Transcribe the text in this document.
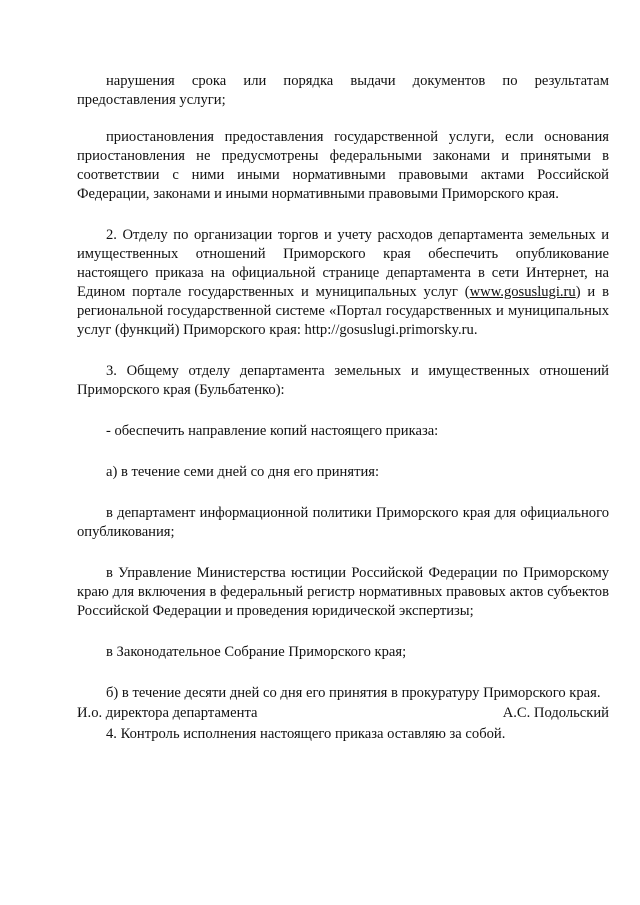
нарушения срока или порядка выдачи документов по результатам предоставления услуги;

приостановления предоставления государственной услуги, если основания приостановления не предусмотрены федеральными законами и принятыми в соответствии с ними иными нормативными правовыми актами Российской Федерации, законами и иными нормативными правовыми Приморского края.

2. Отделу по организации торгов и учету расходов департамента земельных и имущественных отношений Приморского края обеспечить опубликование настоящего приказа на официальной странице департамента в сети Интернет, на Едином портале государственных и муниципальных услуг (www.gosuslugi.ru) и в региональной государственной системе «Портал государственных и муниципальных услуг (функций) Приморского края: http://gosuslugi.primorsky.ru.

3. Общему отделу департамента земельных и имущественных отношений Приморского края (Бульбатенко):

- обеспечить направление копий настоящего приказа:

а) в течение семи дней со дня его принятия:

в департамент информационной политики Приморского края для официального опубликования;

в Управление Министерства юстиции Российской Федерации по Приморскому краю для включения в федеральный регистр нормативных правовых актов субъектов Российской Федерации и проведения юридической экспертизы;

в Законодательное Собрание Приморского края;

б) в течение десяти дней со дня его принятия в прокуратуру Приморского края.

4. Контроль исполнения настоящего приказа оставляю за собой.

И.о. директора департамента	А.С. Подольский
